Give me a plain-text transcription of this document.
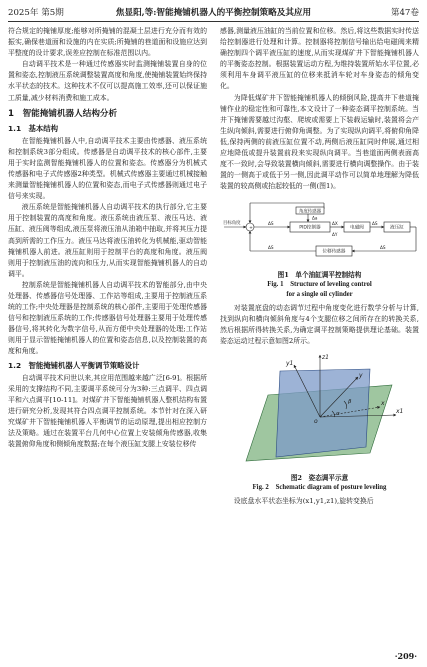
2025年 第5期	焦显阳,等:智能掩铺机器人的平衡控制策略及其应用	第47卷

符合规定的掩铺厚度;能够对所掩铺的混凝土层进行充分而有效的振实,确保巷道面和设施的内在实质;所掩铺的巷道面和设施应达到平整度的设计要求,误差应控制在标准范围以内。

自动调平技术是一种通过传感器实时监测掩铺装置自身的位置和姿态,控制液压系统调整装置高度和角度,使掩铺装置始终保持水平状态的技术。这种技术不仅可以提高施工效率,还可以保证施工质量,减少材料消费和施工成本。

1　智能掩铺机器人结构分析
1.1　基本结构

在智能掩铺机器人中,自动调平技术主要由传感器、液压系统和控制系统3部分组成。传感器是自动调平技术的核心部件,主要用于实时监测智能掩铺机器人的位置和姿态。传感器分为机械式传感器和电子式传感器2种类型。机械式传感器主要通过机械接触来测量智能掩铺机器人的位置和姿态,而电子式传感器则通过电子信号来实现。

液压系统是智能掩铺机器人自动调平技术的执行部分,它主要用于控制装置的高度和角度。液压系统由液压泵、液压马达、液压缸、液压阀等组成,液压泵将液压油从油箱中抽取,并将其压力提高到所需的工作压力。液压马达将液压油转化为机械能,驱动智能掩铺机器人前进。液压缸则用于控制平台的高度和角度。液压阀则用于控制液压油的流向和压力,从而实现智能掩铺机器人的自动调平。

控制系统是智能掩铺机器人自动调平技术的智能部分,由中央处理器、传感器信号处理器、工作站等组成,主要用于控制液压系统的工作;中央处理器是控制系统的核心部件,主要用于处理传感器信号和控制液压系统的工作;传感器信号处理器主要用于处理传感器信号,将其转化为数字信号,从而方便中央处理器的处理;工作站则用于显示智能掩铺机器人的位置和姿态信息,以及控制装置的高度和角度。

1.2　智能掩铺机器人平衡调节策略设计

自动调平技术问世以来,其应用范围越来越广泛[6-9]。根据所采用的支撑结构不同,主要调平系统可分为3种:三点调平、四点调平和六点调平[10-11]。对煤矿井下智能掩铺机器人整机结构布置进行研究分析,发现其符合四点调平控制系统。本节针对在深入研究煤矿井下智能掩铺机器人平衡调节的运动原理,提出相应控制方法及策略。通过在装置平台几何中心位置上安装倾角传感器,收集装置俯仰角度和侧倾角度数据;在每个液压缸支腿上安装位移传

感器,测量液压油缸的当前位置和位移。然后,将这些数据实时传送给控制器进行处理和计算。控制器将控制信号输出给电磁阀来精确控制四个调平液压缸的速度,从而实现煤矿井下智能掩铺机器人的平衡姿态控制。根据装置运动方程,为维持装置所始水平位置,必须利用车身调平液压缸的位移来抵消车轮对车身姿态的倾角变化。

为降低煤矿井下智能掩铺机器人的倾倒风险,提高井下巷道掩铺作业的稳定性和可靠性,本文设计了一种姿态调平控制系统。当井下掩铺需要越过沟壑、爬坡或需要上下装载运输时,装置将会产生纵向倾斜,需要进行俯仰角调整。为了实现纵向调平,将俯仰角降低,保持两侧的前液压缸位置不动,两侧后液压缸同时伸展,通过相应地降低或提升装置前段来实现纵向调平。当巷道面两侧表面高度不一致时,会导致装置横向倾斜,需要进行横向调整操作。由于装置的一侧高于或低于另一侧,因此调平动作可以简单地理解为降低装置的较高侧或抬起较低的一侧(图1)。

+
角度传感器
PID控制器	电磁阀	液压缸
位移传感器
目标角度
Δa
ΔS	ΔX
ΔY
ΔS
ΔS
ΔS
图1　单个油缸调平控制结构
Fig. 1　Structure of leveling control
for a single oil cylinder

对装置底盘的动态调节过程中角度变化进行数学分析与计算,找到纵向和横向倾斜角度与4个支腿位移之间所存在的转换关系,然后根据所得转换关系,为确定调平控制策略提供理论基础。装置姿态运动过程示意如图2所示。

z1
y1
y
x1
x
β
α
o
图2　姿态调平示意
Fig. 2　Schematic diagram of posture leveling

设底盘水平状态坐标为(x1,y1,z1),旋转变换后

·209·
